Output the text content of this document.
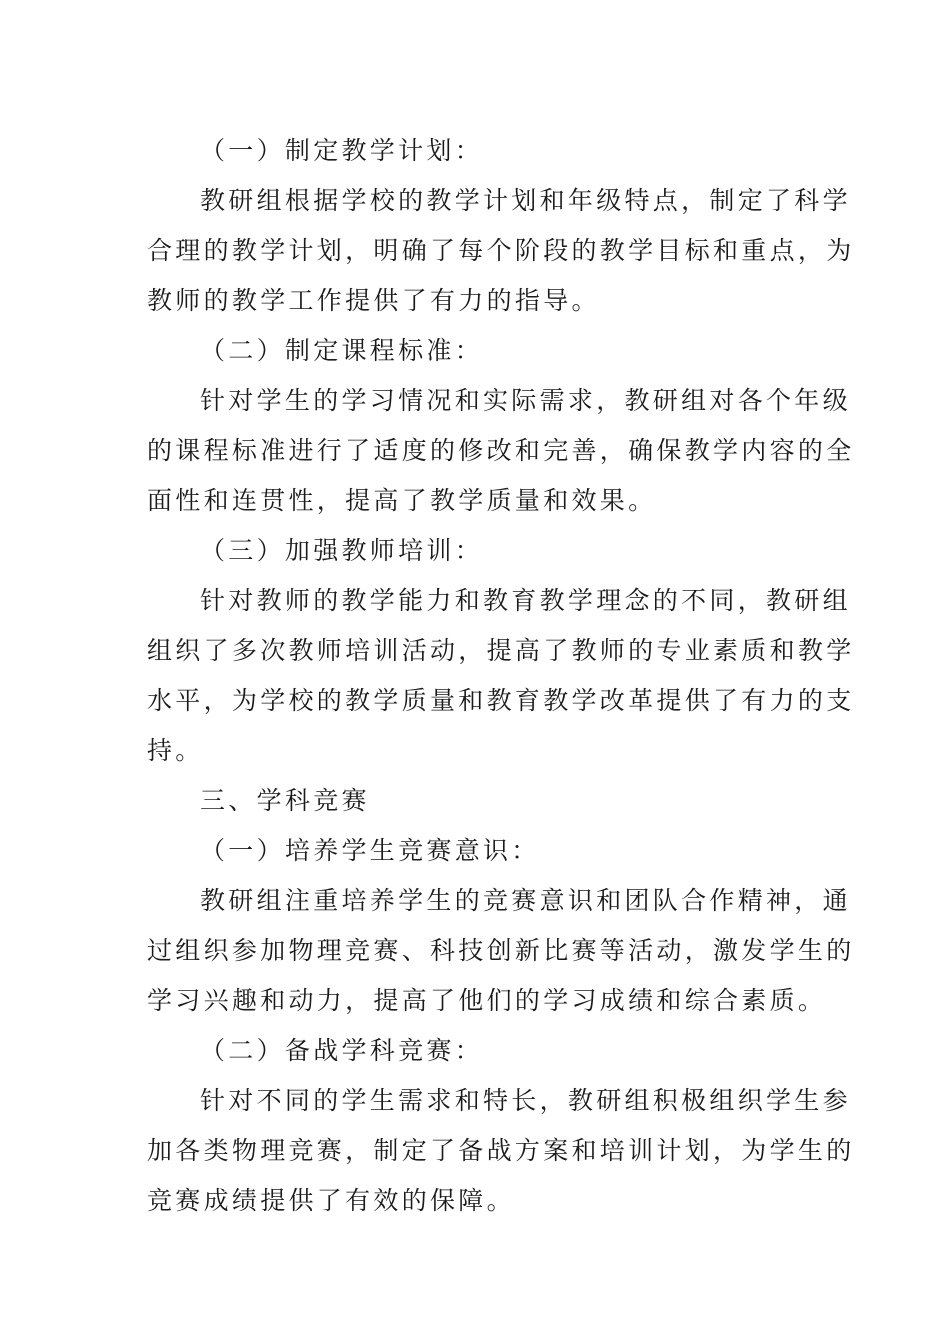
（一）制定教学计划：
教研组根据学校的教学计划和年级特点，制定了科学
合理的教学计划，明确了每个阶段的教学目标和重点，为
教师的教学工作提供了有力的指导。
（二）制定课程标准：
针对学生的学习情况和实际需求，教研组对各个年级
的课程标准进行了适度的修改和完善，确保教学内容的全
面性和连贯性，提高了教学质量和效果。
（三）加强教师培训：
针对教师的教学能力和教育教学理念的不同，教研组
组织了多次教师培训活动，提高了教师的专业素质和教学
水平，为学校的教学质量和教育教学改革提供了有力的支
持。
三、学科竞赛
（一）培养学生竞赛意识：
教研组注重培养学生的竞赛意识和团队合作精神，通
过组织参加物理竞赛、科技创新比赛等活动，激发学生的
学习兴趣和动力，提高了他们的学习成绩和综合素质。
（二）备战学科竞赛：
针对不同的学生需求和特长，教研组积极组织学生参
加各类物理竞赛，制定了备战方案和培训计划，为学生的
竞赛成绩提供了有效的保障。
